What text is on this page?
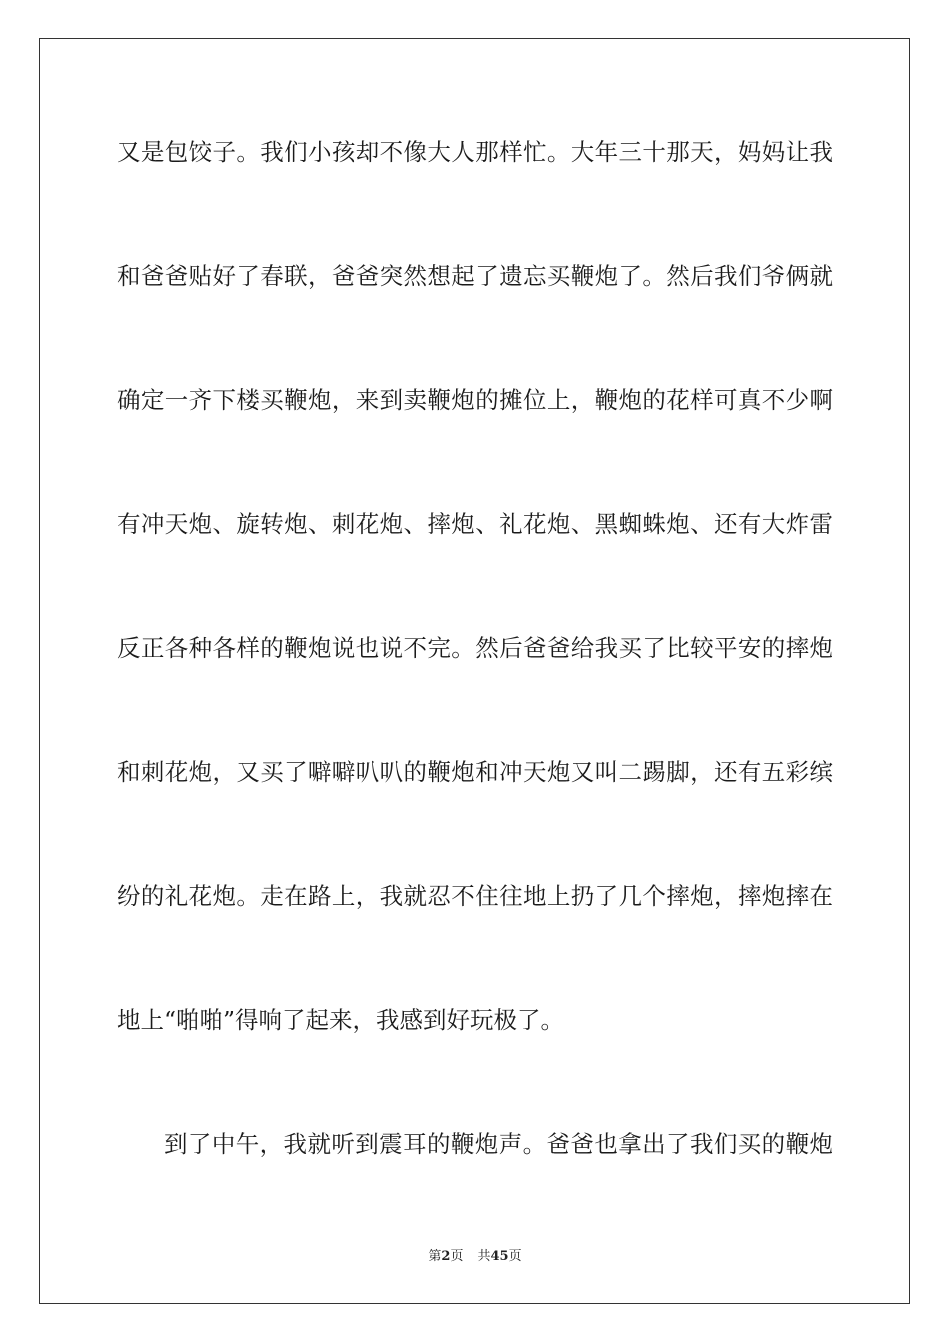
又是包饺子。我们小孩却不像大人那样忙。大年三十那天，妈妈让我
和爸爸贴好了春联，爸爸突然想起了遗忘买鞭炮了。然后我们爷俩就
确定一齐下楼买鞭炮，来到卖鞭炮的摊位上，鞭炮的花样可真不少啊
有冲天炮、旋转炮、刺花炮、摔炮、礼花炮、黑蜘蛛炮、还有大炸雷
反正各种各样的鞭炮说也说不完。然后爸爸给我买了比较平安的摔炮
和刺花炮，又买了噼噼叭叭的鞭炮和冲天炮又叫二踢脚，还有五彩缤
纷的礼花炮。走在路上，我就忍不住往地上扔了几个摔炮，摔炮摔在
地上“啪啪”得响了起来，我感到好玩极了。
到了中午，我就听到震耳的鞭炮声。爸爸也拿出了我们买的鞭炮
第2页 共45页
